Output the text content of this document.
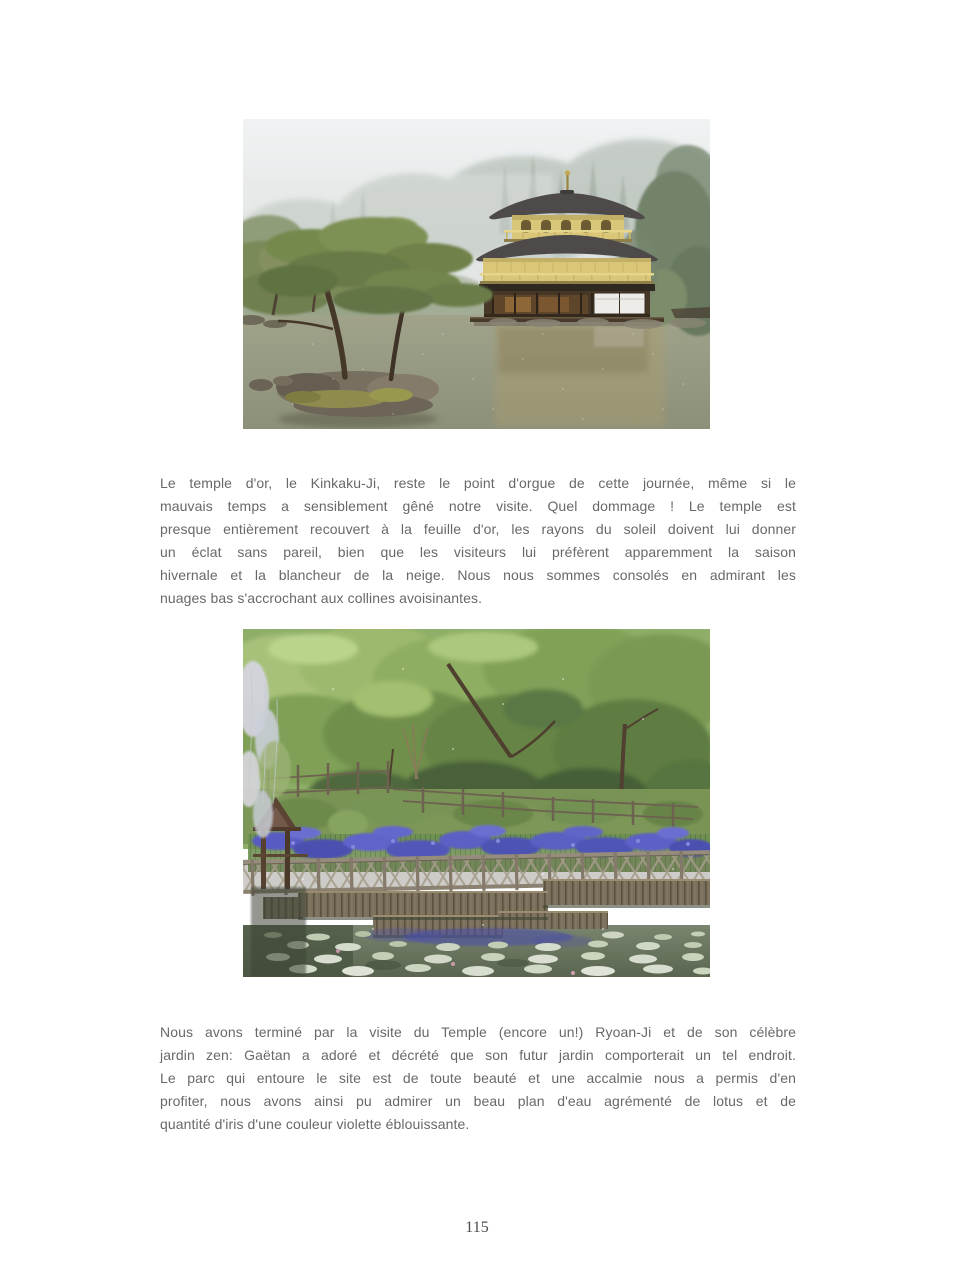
Le temple d'or, le Kinkaku-Ji, reste le point d'orgue de cette journée, même si le
mauvais temps a sensiblement gêné notre visite. Quel dommage ! Le temple est
presque entièrement recouvert à la feuille d'or, les rayons du soleil doivent lui donner
un éclat sans pareil, bien que les visiteurs lui préfèrent apparemment la saison
hivernale et la blancheur de la neige. Nous nous sommes consolés en admirant les
nuages bas s'accrochant aux collines avoisinantes.
Nous avons terminé par la visite du Temple (encore un!) Ryoan-Ji et de son célèbre
jardin zen: Gaëtan a adoré et décrété que son futur jardin comporterait un tel endroit.
Le parc qui entoure le site est de toute beauté et une accalmie nous a permis d'en
profiter, nous avons ainsi pu admirer un beau plan d'eau agrémenté de lotus et de
quantité d'iris d'une couleur violette éblouissante.
115
